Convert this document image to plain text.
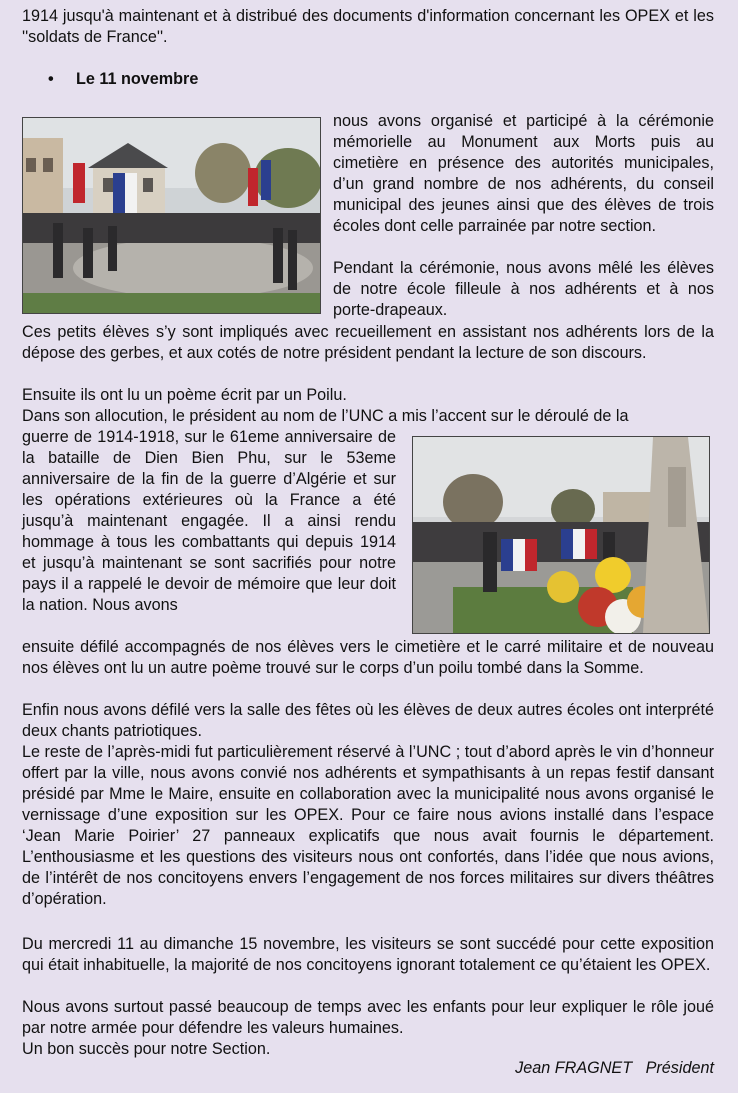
1914 jusqu'à maintenant et à distribué des documents d'information concernant les OPEX et les ''soldats de France''.

• Le 11 novembre

nous avons organisé et participé à la cérémonie mémorielle au Monument aux Morts puis au cimetière en présence des autorités municipales, d’un grand nombre de nos adhérents, du conseil municipal des jeunes ainsi que des élèves de trois écoles dont celle parrainée par notre section.

Pendant la cérémonie, nous avons mêlé les élèves de notre école filleule à nos adhérents et à nos porte-drapeaux.

Ces petits élèves s’y sont impliqués avec recueillement en assistant nos adhérents lors de la dépose des gerbes, et aux cotés de notre président pendant la lecture de son discours.

Ensuite ils ont lu un poème écrit par un Poilu.

Dans son allocution, le président au nom de l’UNC a mis l’accent sur le déroulé de la

guerre de 1914-1918, sur le 61eme anniversaire de la bataille de Dien Bien Phu, sur le 53eme anniversaire de la fin de la guerre d’Algérie et sur les opérations extérieures où la France a été jusqu’à maintenant engagée. Il a ainsi rendu hommage à tous les combattants qui depuis 1914 et jusqu’à maintenant se sont sacrifiés pour notre pays il a rappelé le devoir de mémoire que leur doit la nation. Nous avons

ensuite défilé accompagnés de nos élèves vers le cimetière et le carré militaire et de nouveau nos élèves ont lu un autre poème trouvé sur le corps d’un poilu tombé dans la Somme.

Enfin nous avons défilé vers la salle des fêtes où les élèves de deux autres écoles ont interprété deux chants patriotiques.

Le reste de l’après-midi fut particulièrement réservé à l’UNC ; tout d’abord après le vin d’honneur offert par la ville, nous avons convié nos adhérents et sympathisants à un repas festif dansant présidé par Mme le Maire, ensuite en collaboration avec la municipalité nous avons organisé le vernissage d’une exposition sur les OPEX. Pour ce faire nous avions installé dans l’espace ‘Jean Marie Poirier’ 27 panneaux explicatifs que nous avait fournis le département. L’enthousiasme et les questions des visiteurs nous ont confortés, dans l’idée que nous avions, de l’intérêt de nos concitoyens envers l’engagement de nos forces militaires sur divers théâtres d’opération.

Du mercredi 11 au dimanche 15 novembre, les visiteurs se sont succédé pour cette exposition qui était inhabituelle, la majorité de nos concitoyens ignorant totalement ce qu’étaient les OPEX.

Nous avons surtout passé beaucoup de temps avec les enfants pour leur expliquer le rôle joué par notre armée pour défendre les valeurs humaines.

Un bon succès pour notre Section.

Jean FRAGNET   Président
